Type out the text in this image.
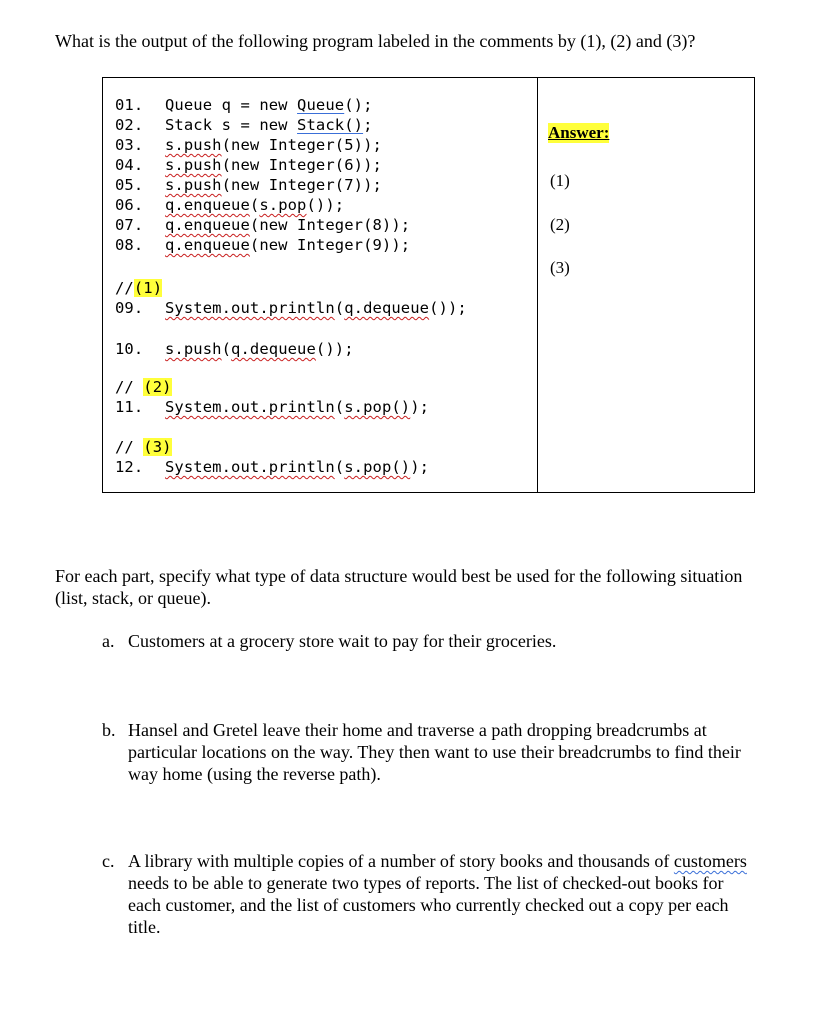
What is the output of the following program labeled in the comments by (1), (2) and (3)?
01. Queue q = new Queue();
02. Stack s = new Stack();
03. s.push(new Integer(5));
04. s.push(new Integer(6));
05. s.push(new Integer(7));
06. q.enqueue(s.pop());
07. q.enqueue(new Integer(8));
08. q.enqueue(new Integer(9));
//(1)
09. System.out.println(q.dequeue());
10. s.push(q.dequeue());
// (2)
11. System.out.println(s.pop());
// (3)
12. System.out.println(s.pop());
Answer:
(1)
(2)
(3)
For each part, specify what type of data structure would best be used for the following situation (list, stack, or queue).
a. Customers at a grocery store wait to pay for their groceries.
b. Hansel and Gretel leave their home and traverse a path dropping breadcrumbs at particular locations on the way. They then want to use their breadcrumbs to find their way home (using the reverse path).
c. A library with multiple copies of a number of story books and thousands of customers needs to be able to generate two types of reports. The list of checked-out books for each customer, and the list of customers who currently checked out a copy per each title.
